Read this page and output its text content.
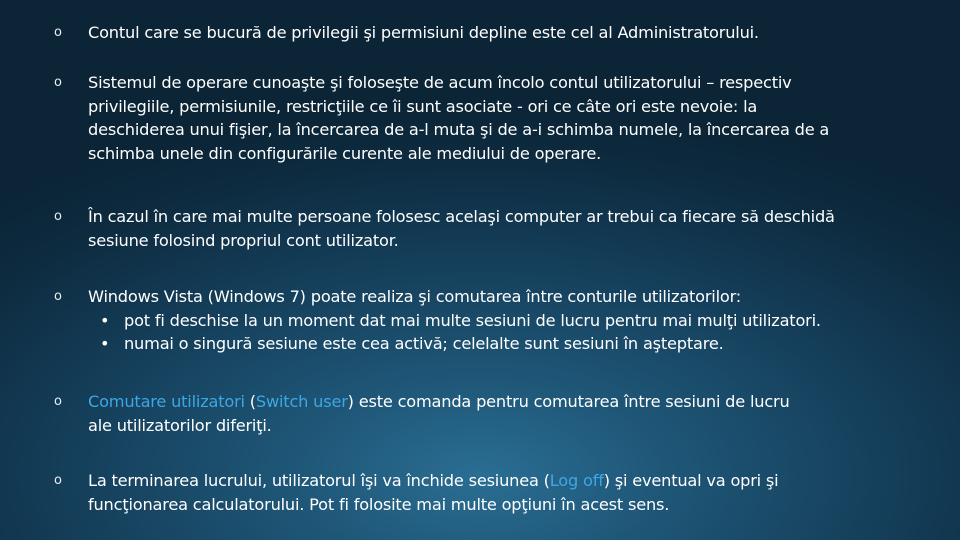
o	Contul care se bucură de privilegii şi permisiuni depline este cel al Administratorului.
o	Sistemul de operare cunoaşte şi foloseşte de acum încolo contul utilizatorului – respectiv
privilegiile, permisiunile, restricţiile ce îi sunt asociate - ori ce câte ori este nevoie: la
deschiderea unui fişier, la încercarea de a-l muta şi de a-i schimba numele, la încercarea de a
schimba unele din configurările curente ale mediului de operare.
o	În cazul în care mai multe persoane folosesc acelaşi computer ar trebui ca fiecare să deschidă
sesiune folosind propriul cont utilizator.
o	Windows Vista (Windows 7) poate realiza şi comutarea între conturile utilizatorilor:
• pot fi deschise la un moment dat mai multe sesiuni de lucru pentru mai mulţi utilizatori.
• numai o singură sesiune este cea activă; celelalte sunt sesiuni în aşteptare.
o	Comutare utilizatori (Switch user) este comanda pentru comutarea între sesiuni de lucru
ale utilizatorilor diferiţi.
o	La terminarea lucrului, utilizatorul îşi va închide sesiunea (Log off) şi eventual va opri şi
funcţionarea calculatorului. Pot fi folosite mai multe opţiuni în acest sens.
